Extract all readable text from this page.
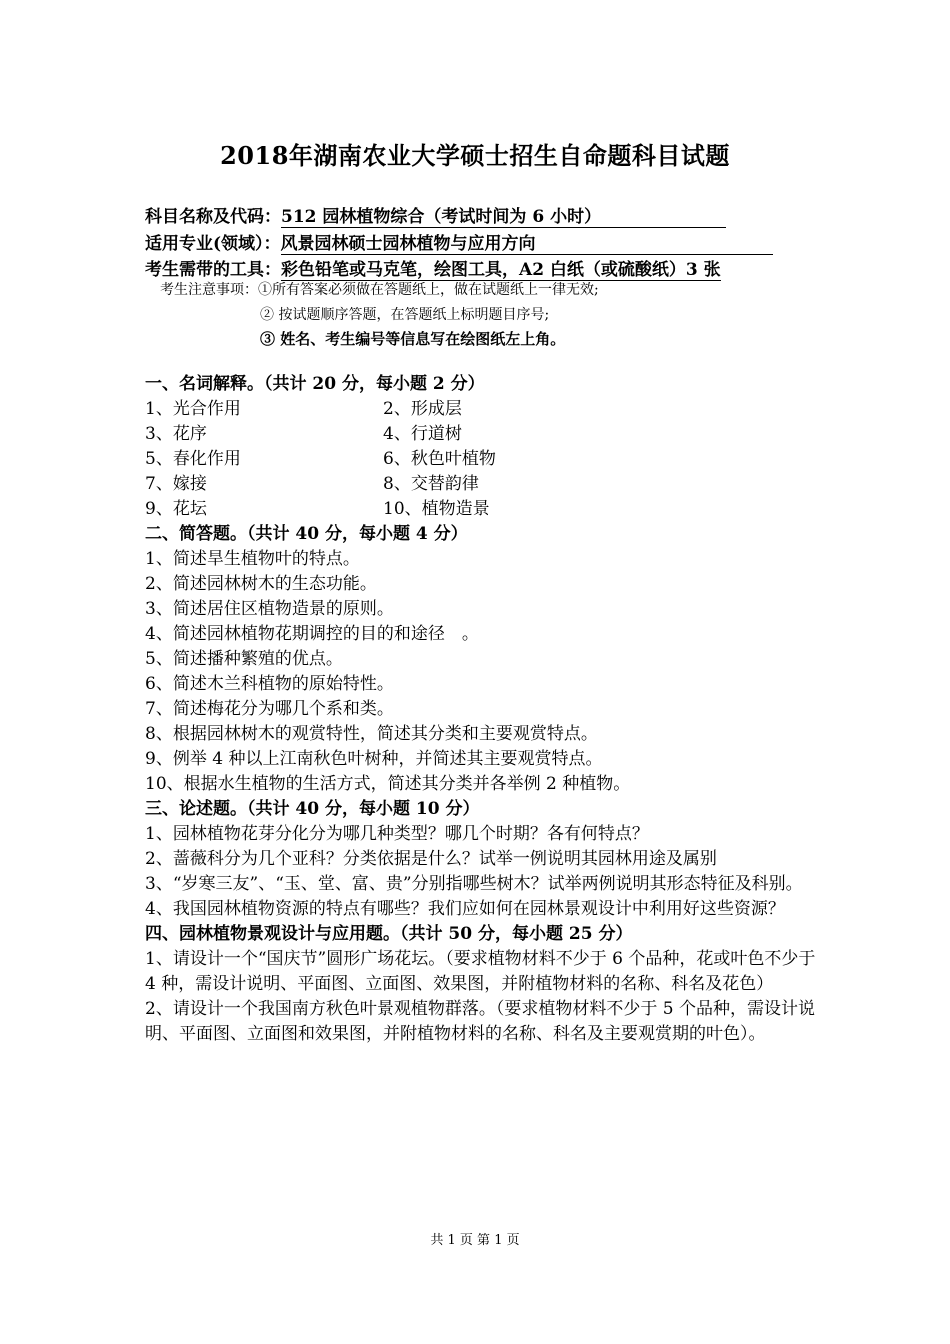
2018年湖南农业大学硕士招生自命题科目试题
科目名称及代码：512 园林植物综合（考试时间为 6 小时）
适用专业(领域）：风景园林硕士园林植物与应用方向
考生需带的工具：彩色铅笔或马克笔，绘图工具，A2 白纸（或硫酸纸）3 张
考生注意事项：①所有答案必须做在答题纸上，做在试题纸上一律无效;
② 按试题顺序答题，在答题纸上标明题目序号;
③ 姓名、考生编号等信息写在绘图纸左上角。

一、名词解释。（共计 20 分，每小题 2 分）

1、光合作用	2、形成层
3、花序	4、行道树
5、春化作用	6、秋色叶植物
7、嫁接	8、交替韵律
9、花坛	10、植物造景

二、简答题。（共计 40 分，每小题 4 分）

1、简述旱生植物叶的特点。

2、简述园林树木的生态功能。

3、简述居住区植物造景的原则。

4、简述园林植物花期调控的目的和途径　。

5、简述播种繁殖的优点。

6、简述木兰科植物的原始特性。

7、简述梅花分为哪几个系和类。

8、根据园林树木的观赏特性，简述其分类和主要观赏特点。

9、例举 4 种以上江南秋色叶树种，并简述其主要观赏特点。

10、根据水生植物的生活方式，简述其分类并各举例 2 种植物。

三、论述题。（共计 40 分，每小题 10 分）

1、园林植物花芽分化分为哪几种类型？哪几个时期？各有何特点？

2、蔷薇科分为几个亚科？分类依据是什么？试举一例说明其园林用途及属别

3、“岁寒三友”、“玉、堂、富、贵”分别指哪些树木？试举两例说明其形态特征及科别。

4、我国园林植物资源的特点有哪些？我们应如何在园林景观设计中利用好这些资源？

四、园林植物景观设计与应用题。（共计 50 分，每小题 25 分）

1、请设计一个“国庆节”圆形广场花坛。（要求植物材料不少于 6 个品种，花或叶色不少于 4 种，需设计说明、平面图、立面图、效果图，并附植物材料的名称、科名及花色）

2、请设计一个我国南方秋色叶景观植物群落。（要求植物材料不少于 5 个品种，需设计说明、平面图、立面图和效果图，并附植物材料的名称、科名及主要观赏期的叶色）。

共 1 页 第 1 页
